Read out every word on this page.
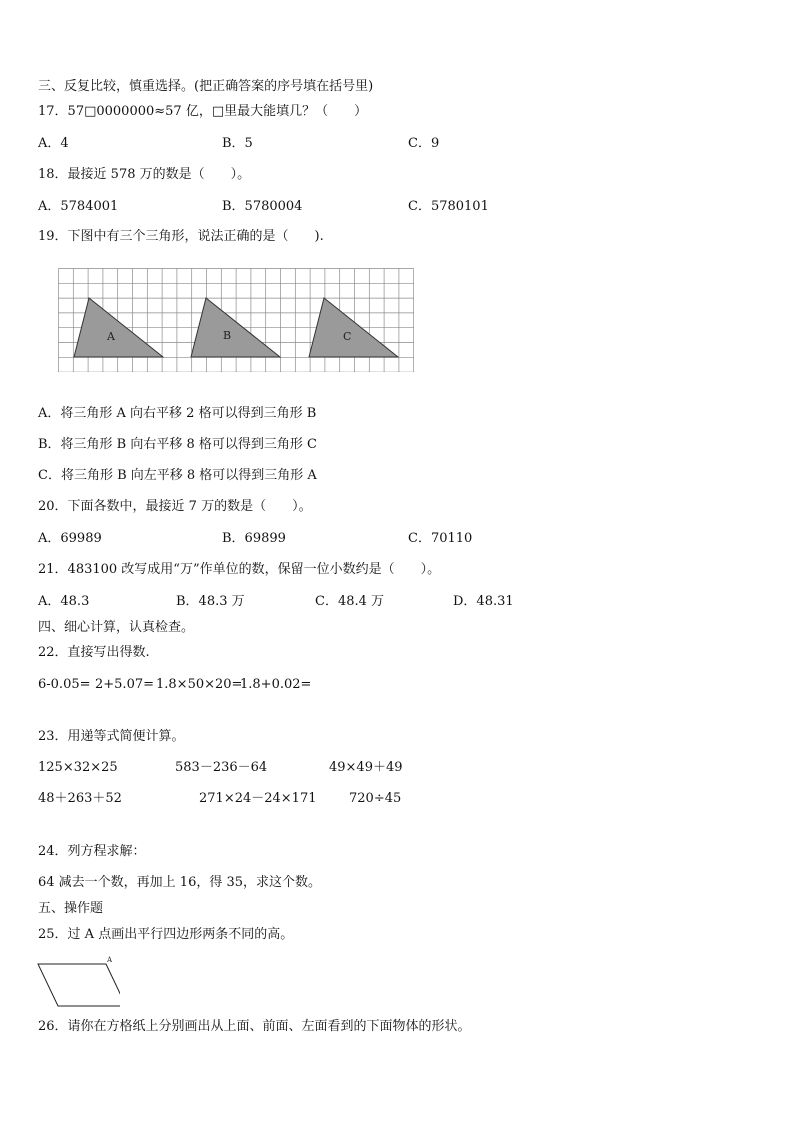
三、反复比较，慎重选择。(把正确答案的序号填在括号里)
17．57□0000000≈57 亿，□里最大能填几？（　　）
A．4	B．5	C．9
18．最接近 578 万的数是（　　）。
A．5784001	B．5780004	C．5780101
19．下图中有三个三角形，说法正确的是（　　).
A	B	C
A．将三角形 A 向右平移 2 格可以得到三角形 B
B．将三角形 B 向右平移 8 格可以得到三角形 C
C．将三角形 B 向左平移 8 格可以得到三角形 A
20．下面各数中，最接近 7 万的数是（　　）。
A．69989	B．69899	C．70110
21．483100 改写成用“万”作单位的数，保留一位小数约是（　　）。
A．48.3	B．48.3 万	C．48.4 万	D．48.31
四、细心计算，认真检查。
22．直接写出得数.
6-0.05= 2+5.07= 1.8×50×20=
1.8+0.02=
23．用递等式简便计算。
125×32×25	583－236－64	49×49＋49
48＋263＋52	271×24－24×171	720÷45
24．列方程求解：
64 减去一个数，再加上 16，得 35，求这个数。
五、操作题
25．过 A 点画出平行四边形两条不同的高。
A
26．请你在方格纸上分别画出从上面、前面、左面看到的下面物体的形状。
